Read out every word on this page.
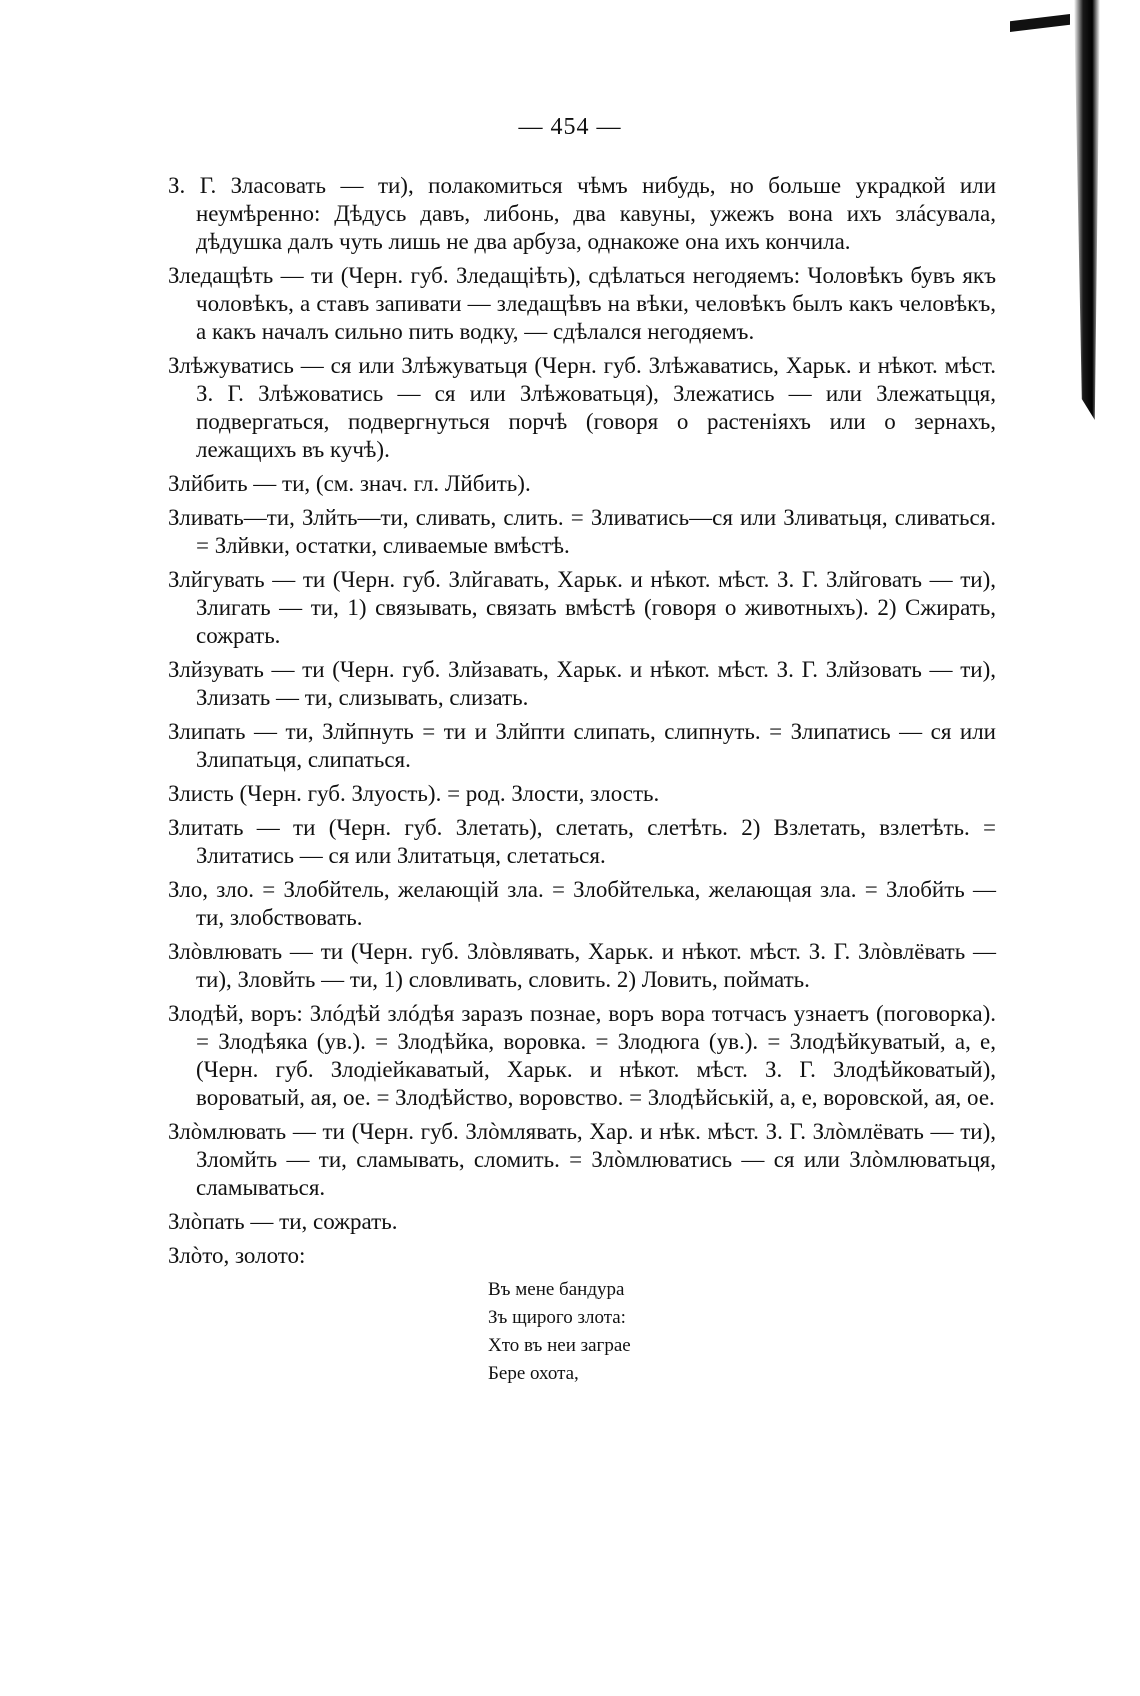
— 454 —

З. Г. Злаcовать — ти), полакомиться чѣмъ нибудь, но больше украдкой или неумѣренно: Дѣдусь давъ, либонь, два кавуны, ужежъ вона ихъ злáсувала, дѣдушка далъ чуть лишь не два арбуза, однакоже она ихъ кончила.

Зледащѣть — ти (Черн. губ. Зледащіѣть), сдѣлаться негодяемъ: Чоловѣкъ бувъ якъ чоловѣкъ, а ставъ запивати — зледащѣвъ на вѣки, человѣкъ былъ какъ человѣкъ, а какъ началъ сильно пить водку, — сдѣлался негодяемъ.

Злѣжуватись — ся или Злѣжуватьця (Черн. губ. Злѣжаватись, Харьк. и нѣкот. мѣст. З. Г. Злѣжоватись — ся или Злѣжоватьця), Злежатись — или Злежатьцця, подвергаться, подвергнуться порчѣ (говоря о растеніяхъ или о зернахъ, лежащихъ въ кучѣ).

Злйбить — ти, (см. знач. гл. Лйбить).

Зливать—ти, Злйть—ти, сливать, слить. = Зливатись—ся или Зливатьця, сливаться. = Злйвки, остатки, сливаемые вмѣстѣ.

Злйгувать — ти (Черн. губ. Злйгавать, Харьк. и нѣкот. мѣст. З. Г. Злйговать — ти), Злигать — ти, 1) связывать, связать вмѣстѣ (говоря о животныхъ). 2) Сжирать, сожрать.

Злйзувать — ти (Черн. губ. Злйзавать, Харьк. и нѣкот. мѣст. З. Г. Злйзовать — ти), Злизать — ти, слизывать, слизать.

Злипать — ти, Злйпнуть = ти и Злйпти слипать, слипнуть. = Злипатись — ся или Злипатьця, слипаться.

Злисть (Черн. губ. Злуость). = род. Злости, злость.

Злитать — ти (Черн. губ. Злетать), слетать, слетѣть. 2) Взлетать, взлетѣть. = Злитатись — ся или Злитатьця, слетаться.

Зло, зло. = Злобйтель, желающій зла. = Злобйтелька, желающая зла. = Злобйть — ти, злобствовать.

Злòвлювать — ти (Черн. губ. Злòвлявать, Харьк. и нѣкот. мѣст. З. Г. Злòвлёвать — ти), Зловйть — ти, 1) словливать, словить. 2) Ловить, поймать.

Злодѣй, воръ: Злóдѣй злóдѣя заразъ познае, воръ вора тотчасъ узнаетъ (поговорка). = Злодѣяка (ув.). = Злодѣйка, воровка. = Злодюга (ув.). = Злодѣйкуватый, а, е, (Черн. губ. Злодіейкаватый, Харьк. и нѣкот. мѣст. З. Г. Злодѣйковатый), вороватый, ая, ое. = Злодѣйство, воровство. = Злодѣйській, а, е, воровской, ая, ое.

Злòмлювать — ти (Черн. губ. Злòмлявать, Хар. и нѣк. мѣст. З. Г. Злòмлёвать — ти), Зломйть — ти, сламывать, сломить. = Злòмлюватись — ся или Злòмлюватьця, сламываться.

Злòпать — ти, сожрать.

Злòто, золото:

Въ мене бандура
Зъ щирого злота:
Хто въ неи заграе
Бере охота,
